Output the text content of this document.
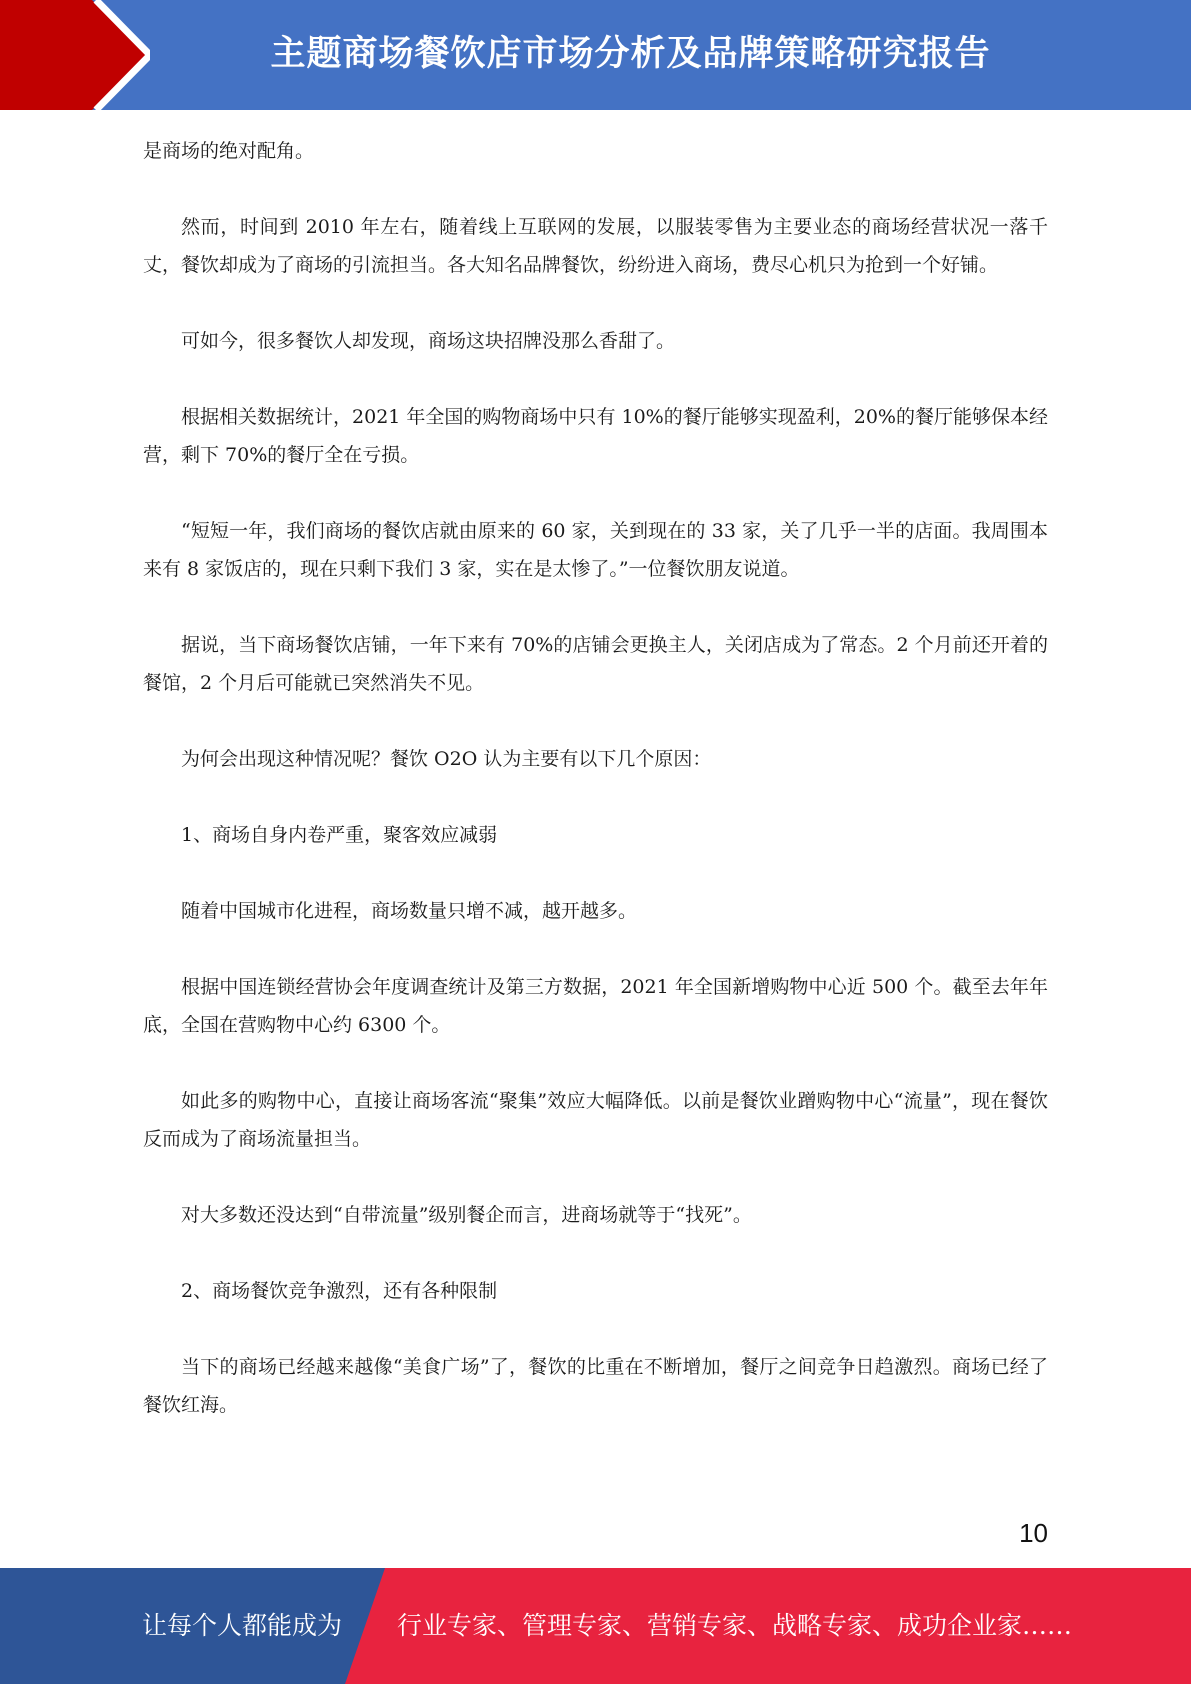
主题商场餐饮店市场分析及品牌策略研究报告

是商场的绝对配角。

然而，时间到 2010 年左右，随着线上互联网的发展，以服装零售为主要业态的商场经营状况一落千丈，餐饮却成为了商场的引流担当。各大知名品牌餐饮，纷纷进入商场，费尽心机只为抢到一个好铺。

可如今，很多餐饮人却发现，商场这块招牌没那么香甜了。

根据相关数据统计，2021 年全国的购物商场中只有 10%的餐厅能够实现盈利，20%的餐厅能够保本经营，剩下 70%的餐厅全在亏损。

“短短一年，我们商场的餐饮店就由原来的 60 家，关到现在的 33 家，关了几乎一半的店面。我周围本来有 8 家饭店的，现在只剩下我们 3 家，实在是太惨了。”一位餐饮朋友说道。

据说，当下商场餐饮店铺，一年下来有 70%的店铺会更换主人，关闭店成为了常态。2 个月前还开着的餐馆，2 个月后可能就已突然消失不见。

为何会出现这种情况呢？餐饮 O2O 认为主要有以下几个原因：

1、商场自身内卷严重，聚客效应减弱

随着中国城市化进程，商场数量只增不减，越开越多。

根据中国连锁经营协会年度调查统计及第三方数据，2021 年全国新增购物中心近 500 个。截至去年年底，全国在营购物中心约 6300 个。

如此多的购物中心，直接让商场客流“聚集”效应大幅降低。以前是餐饮业蹭购物中心“流量”，现在餐饮反而成为了商场流量担当。

对大多数还没达到“自带流量”级别餐企而言，进商场就等于“找死”。

2、商场餐饮竞争激烈，还有各种限制

当下的商场已经越来越像“美食广场”了，餐饮的比重在不断增加，餐厅之间竞争日趋激烈。商场已经了餐饮红海。

10
让每个人都能成为 行业专家、管理专家、营销专家、战略专家、成功企业家……
